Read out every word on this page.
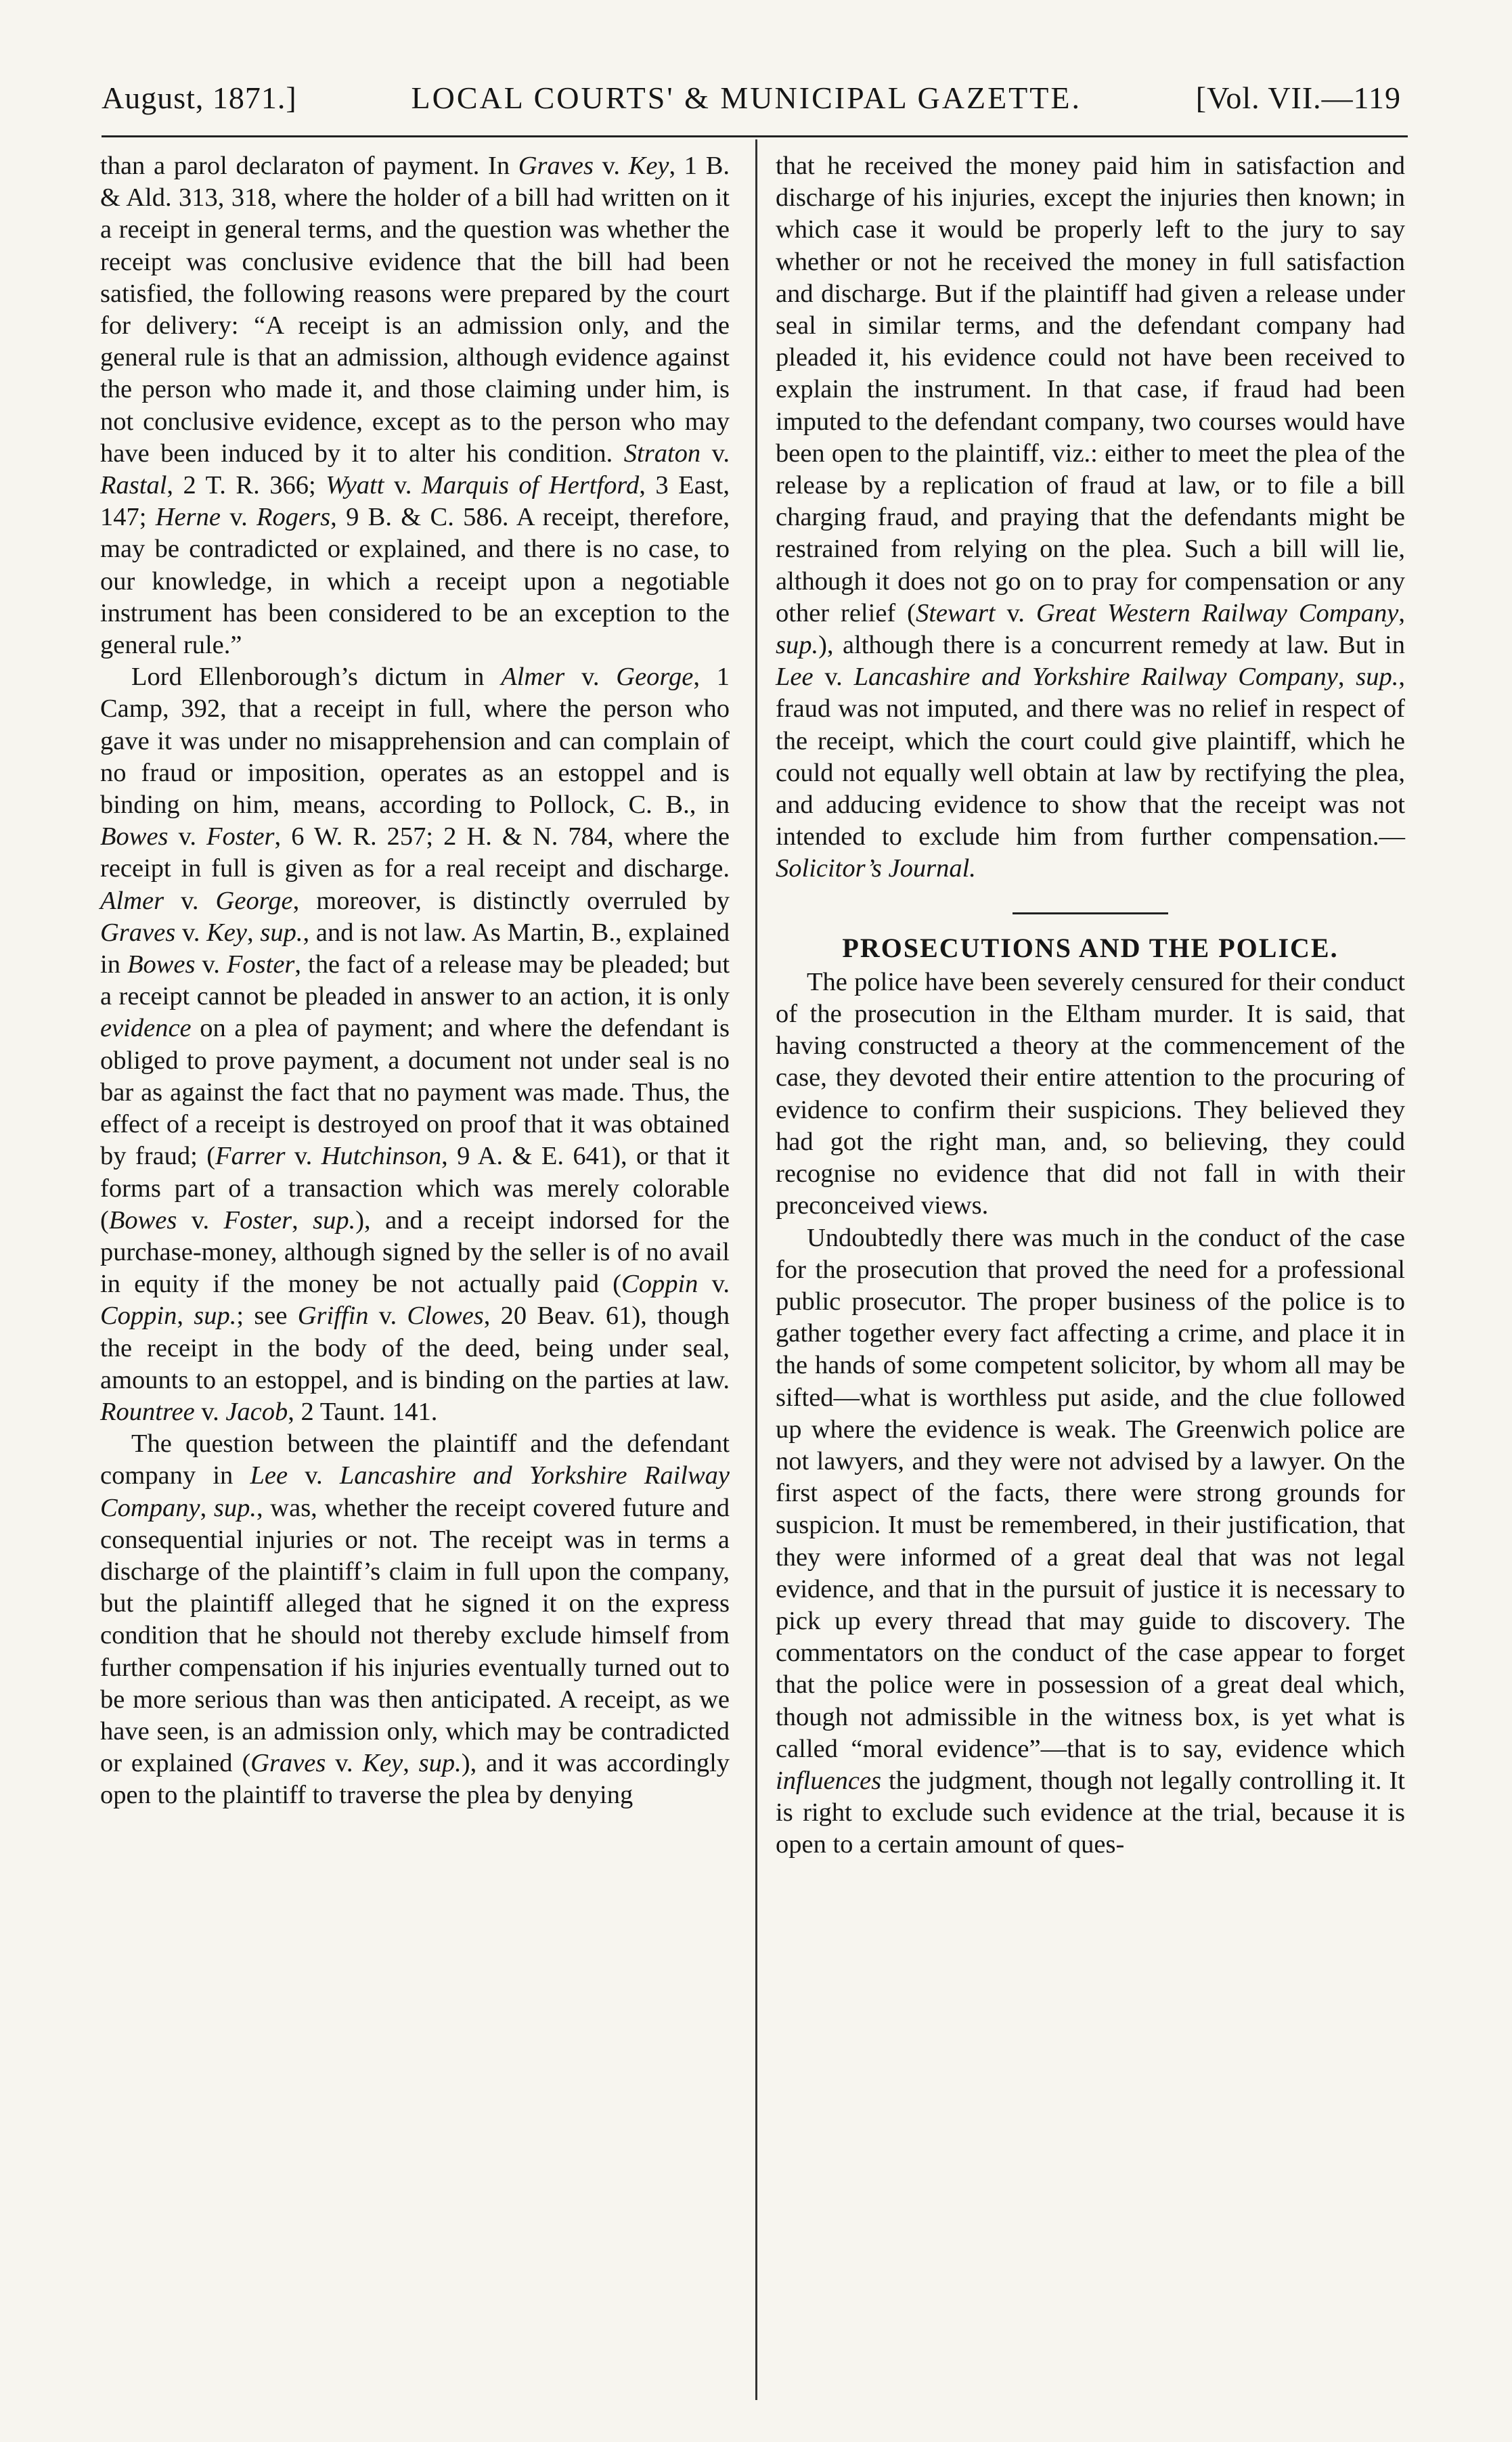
August, 1871.]	LOCAL COURTS' & MUNICIPAL GAZETTE.	[Vol. VII.—119

than a parol declaraton of payment. In Graves v. Key, 1 B. & Ald. 313, 318, where the holder of a bill had written on it a receipt in general terms, and the question was whether the receipt was conclusive evidence that the bill had been satisfied, the following reasons were prepared by the court for delivery: “A receipt is an admission only, and the general rule is that an admission, although evidence against the person who made it, and those claiming under him, is not conclusive evidence, except as to the person who may have been induced by it to alter his condition. Straton v. Rastal, 2 T. R. 366; Wyatt v. Marquis of Hertford, 3 East, 147; Herne v. Rogers, 9 B. & C. 586. A receipt, therefore, may be contradicted or explained, and there is no case, to our knowledge, in which a receipt upon a negotiable instrument has been considered to be an exception to the general rule.”

Lord Ellenborough’s dictum in Almer v. George, 1 Camp, 392, that a receipt in full, where the person who gave it was under no misapprehension and can complain of no fraud or imposition, operates as an estoppel and is binding on him, means, according to Pollock, C. B., in Bowes v. Foster, 6 W. R. 257; 2 H. & N. 784, where the receipt in full is given as for a real receipt and discharge. Almer v. George, moreover, is distinctly overruled by Graves v. Key, sup., and is not law. As Martin, B., explained in Bowes v. Foster, the fact of a release may be pleaded; but a receipt cannot be pleaded in answer to an action, it is only evidence on a plea of payment; and where the defendant is obliged to prove payment, a document not under seal is no bar as against the fact that no payment was made. Thus, the effect of a receipt is destroyed on proof that it was obtained by fraud; (Farrer v. Hutchinson, 9 A. & E. 641), or that it forms part of a transaction which was merely colorable (Bowes v. Foster, sup.), and a receipt indorsed for the purchase-money, although signed by the seller is of no avail in equity if the money be not actually paid (Coppin v. Coppin, sup.; see Griffin v. Clowes, 20 Beav. 61), though the receipt in the body of the deed, being under seal, amounts to an estoppel, and is binding on the parties at law. Rountree v. Jacob, 2 Taunt. 141.

The question between the plaintiff and the defendant company in Lee v. Lancashire and Yorkshire Railway Company, sup., was, whether the receipt covered future and consequential injuries or not. The receipt was in terms a discharge of the plaintiff’s claim in full upon the company, but the plaintiff alleged that he signed it on the express condition that he should not thereby exclude himself from further compensation if his injuries eventually turned out to be more serious than was then anticipated. A receipt, as we have seen, is an admission only, which may be contradicted or explained (Graves v. Key, sup.), and it was accordingly open to the plaintiff to traverse the plea by denying

that he received the money paid him in satisfaction and discharge of his injuries, except the injuries then known; in which case it would be properly left to the jury to say whether or not he received the money in full satisfaction and discharge. But if the plaintiff had given a release under seal in similar terms, and the defendant company had pleaded it, his evidence could not have been received to explain the instrument. In that case, if fraud had been imputed to the defendant company, two courses would have been open to the plaintiff, viz.: either to meet the plea of the release by a replication of fraud at law, or to file a bill charging fraud, and praying that the defendants might be restrained from relying on the plea. Such a bill will lie, although it does not go on to pray for compensation or any other relief (Stewart v. Great Western Railway Company, sup.), although there is a concurrent remedy at law. But in Lee v. Lancashire and Yorkshire Railway Company, sup., fraud was not imputed, and there was no relief in respect of the receipt, which the court could give plaintiff, which he could not equally well obtain at law by rectifying the plea, and adducing evidence to show that the receipt was not intended to exclude him from further compensation.—Solicitor’s Journal.

PROSECUTIONS AND THE POLICE.

The police have been severely censured for their conduct of the prosecution in the Eltham murder. It is said, that having constructed a theory at the commencement of the case, they devoted their entire attention to the procuring of evidence to confirm their suspicions. They believed they had got the right man, and, so believing, they could recognise no evidence that did not fall in with their preconceived views.

Undoubtedly there was much in the conduct of the case for the prosecution that proved the need for a professional public prosecutor. The proper business of the police is to gather together every fact affecting a crime, and place it in the hands of some competent solicitor, by whom all may be sifted—what is worthless put aside, and the clue followed up where the evidence is weak. The Greenwich police are not lawyers, and they were not advised by a lawyer. On the first aspect of the facts, there were strong grounds for suspicion. It must be remembered, in their justification, that they were informed of a great deal that was not legal evidence, and that in the pursuit of justice it is necessary to pick up every thread that may guide to discovery. The commentators on the conduct of the case appear to forget that the police were in possession of a great deal which, though not admissible in the witness box, is yet what is called “moral evidence”—that is to say, evidence which influences the judgment, though not legally controlling it. It is right to exclude such evidence at the trial, because it is open to a certain amount of ques-
